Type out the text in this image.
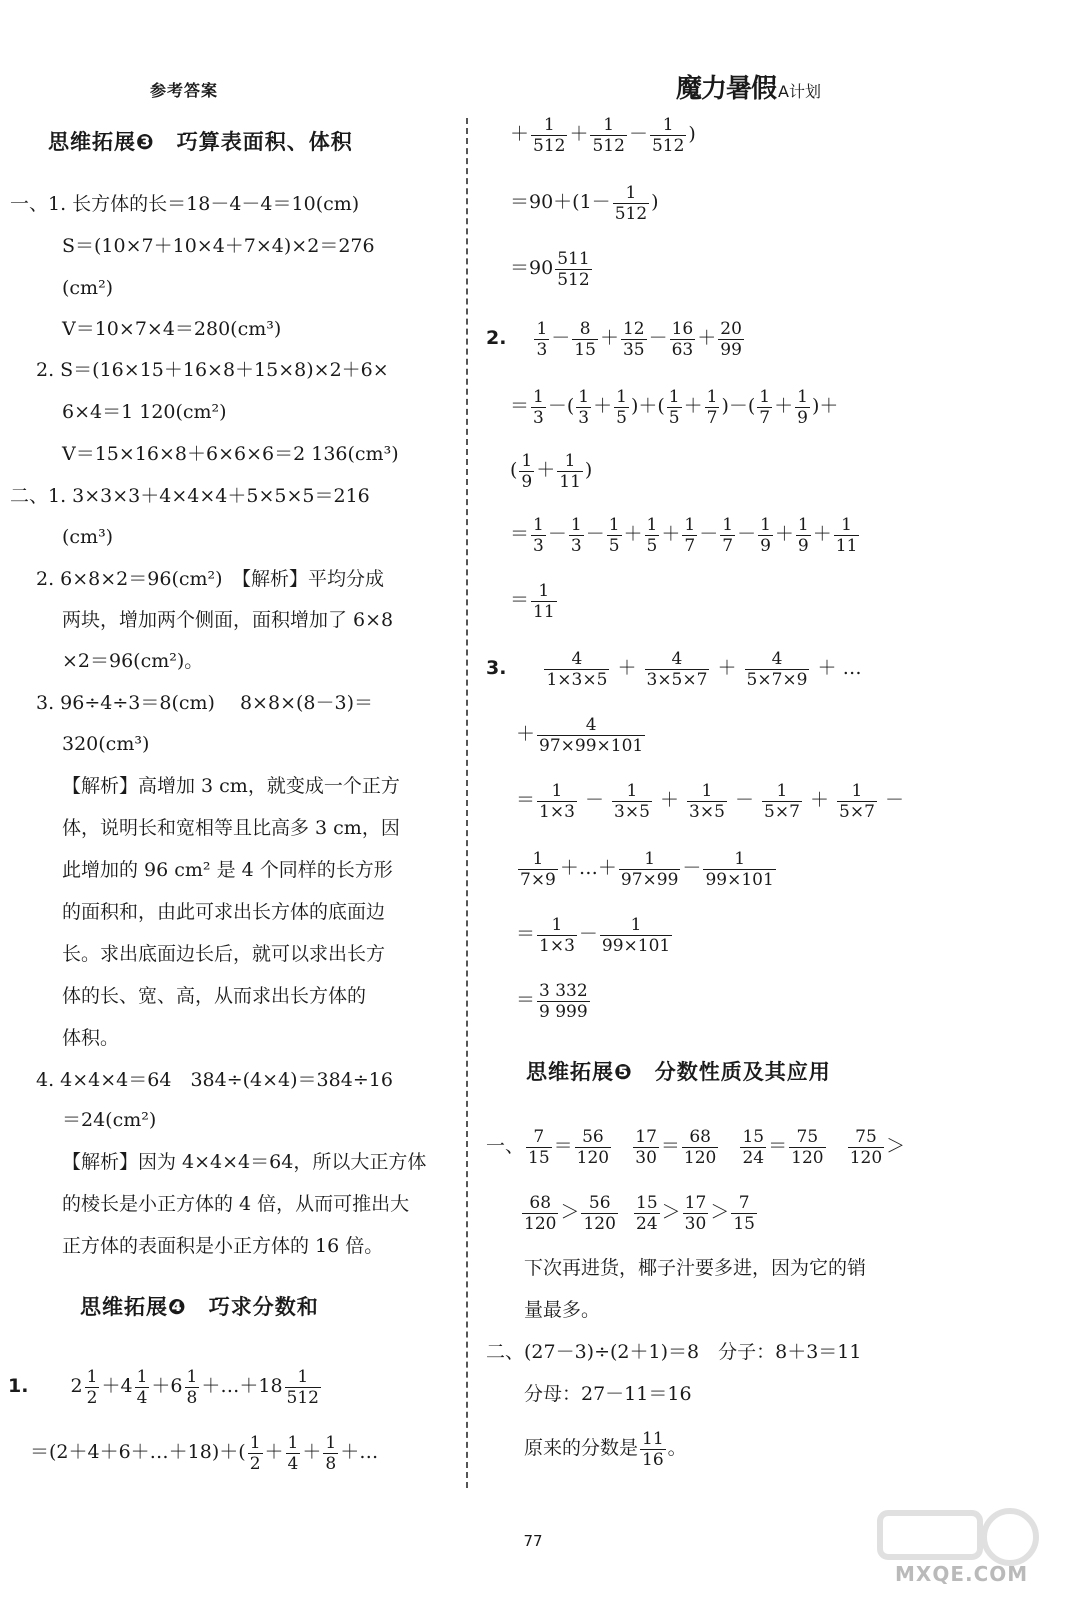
参考答案	魔力暑假 A计划
思维拓展❸　巧算表面积、体积
一、1. 长方体的长＝18－4－4＝10(cm)
S＝(10×7＋10×4＋7×4)×2＝276
(cm²)
V＝10×7×4＝280(cm³)
2. S＝(16×15＋16×8＋15×8)×2＋6×
6×4＝1 120(cm²)
V＝15×16×8＋6×6×6＝2 136(cm³)
二、1. 3×3×3＋4×4×4＋5×5×5＝216
(cm³)
2. 6×8×2＝96(cm²)　【解析】平均分成
两块，增加两个侧面，面积增加了 6×8
×2＝96(cm²)。
3. 96÷4÷3＝8(cm)　 8×8×(8－3)＝
320(cm³)
【解析】高增加 3 cm，就变成一个正方
体，说明长和宽相等且比高多 3 cm，因
此增加的 96 cm² 是 4 个同样的长方形
的面积和，由此可求出长方体的底面边
长。求出底面边长后，就可以求出长方
体的长、宽、高，从而求出长方体的
体积。
4. 4×4×4＝64　384÷(4×4)＝384÷16
＝24(cm²)
【解析】因为 4×4×4＝64，所以大正方体
的棱长是小正方体的 4 倍，从而可推出大
正方体的表面积是小正方体的 16 倍。
思维拓展❹　巧求分数和
1. $2 \frac{1}{2} +4 \frac{1}{4} +6 \frac{1}{8}$ ＋…＋18 $\frac{1}{512}$
＝(2＋4＋6＋…＋18)＋( $\frac{1}{2} + \frac{1}{4} + \frac{1}{8}$ ＋…
＋ $\frac{1}{512} + \frac{1}{512} - \frac{1}{512}$ )
$=90+(1- \frac{1}{512}$ )
$=90 \frac{511}{512}$
2. $\frac{1}{3} - \frac{8}{15} + \frac{12}{35} - \frac{16}{63} + \frac{20}{99}$
＝ $\frac{1}{3}$ －( $\frac{1}{3} + \frac{1}{5}$ )＋( $\frac{1}{5} + \frac{1}{7}$ )－( $\frac{1}{7} + \frac{1}{9}$ )＋
( $\frac{1}{9} + \frac{1}{11}$ )
＝ $\frac{1}{3} - \frac{1}{3} - \frac{1}{5} + \frac{1}{5} + \frac{1}{7} - \frac{1}{7} - \frac{1}{9} + \frac{1}{9} + \frac{1}{11}$
＝ $\frac{1}{11}$
3. $\frac{4}{1\times 3\times 5} + \frac{4}{3\times 5\times 7} + \frac{4}{5\times 7\times 9}$ ＋ …
＋ $\frac{4}{97\times 99\times 101}$
＝ $\frac{1}{1\times 3} - \frac{1}{3\times 5} + \frac{1}{3\times 5} - \frac{1}{5\times 7} + \frac{1}{5\times 7}$ －
$\frac{1}{7\times 9}$ ＋…＋ $\frac{1}{97\times 99} - \frac{1}{99\times 101}$
＝ $\frac{1}{1\times 3} - \frac{1}{99\times 101}$
＝ $\frac{3 332}{9 999}$
思维拓展❺　分数性质及其应用
一、 $\frac{7}{15} = \frac{56}{120}$
$\frac{17}{30} = \frac{68}{120}$
$\frac{15}{24} = \frac{75}{120}$
$\frac{75}{120}$ ＞
$\frac{68}{120} > \frac{56}{120}$
$\frac{15}{24} > \frac{17}{30} > \frac{7}{15}$
下次再进货，椰子汁要多进，因为它的销
量最多。
二、(27－3)÷(2＋1)＝8　分子：8＋3＝11
分母：27－11＝16
原来的分数是 $\frac{11}{16}$ 。
77
MXQE.COM
